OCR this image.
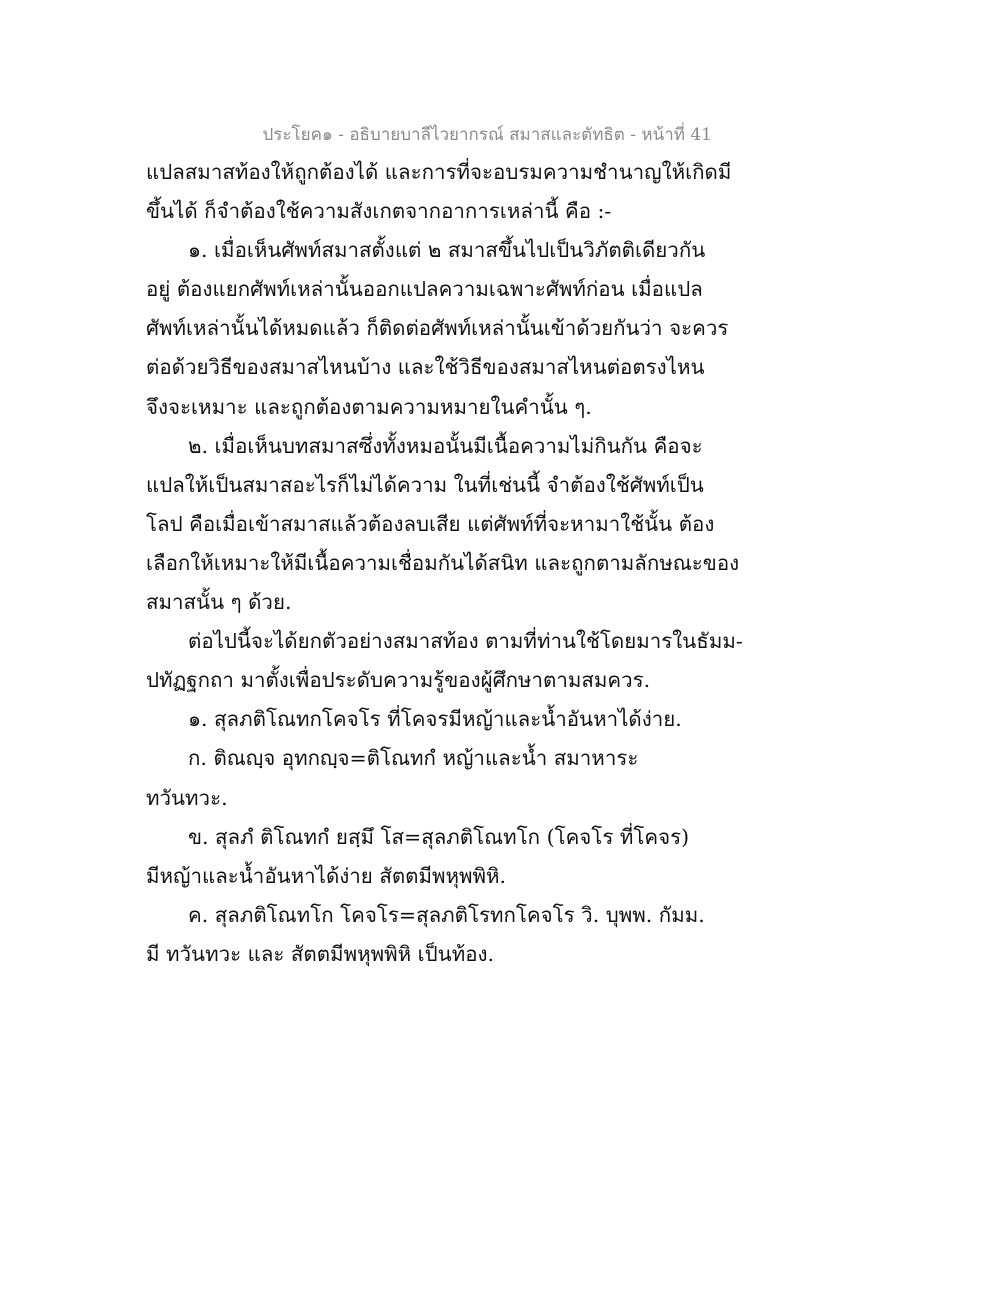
ประโยค๑ - อธิบายบาลีไวยากรณ์ สมาสและตัทธิต - หน้าที่ 41
แปลสมาสท้องให้ถูกต้องได้ และการที่จะอบรมความชำนาญให้เกิดมี
ขึ้นได้ ก็จำต้องใช้ความสังเกตจากอาการเหล่านี้ คือ :-
๑. เมื่อเห็นศัพท์สมาสตั้งแต่ ๒ สมาสขึ้นไปเป็นวิภัตติเดียวกัน
อยู่ ต้องแยกศัพท์เหล่านั้นออกแปลความเฉพาะศัพท์ก่อน เมื่อแปล
ศัพท์เหล่านั้นได้หมดแล้ว ก็ติดต่อศัพท์เหล่านั้นเข้าด้วยกันว่า จะควร
ต่อด้วยวิธีของสมาสไหนบ้าง และใช้วิธีของสมาสไหนต่อตรงไหน
จึงจะเหมาะ และถูกต้องตามความหมายในคำนั้น ๆ.
๒. เมื่อเห็นบทสมาสซึ่งทั้งหมอนั้นมีเนื้อความไม่กินกัน คือจะ
แปลให้เป็นสมาสอะไรก็ไม่ได้ความ ในที่เช่นนี้ จำต้องใช้ศัพท์เป็น
โลป คือเมื่อเข้าสมาสแล้วต้องลบเสีย แต่ศัพท์ที่จะหามาใช้นั้น ต้อง
เลือกให้เหมาะให้มีเนื้อความเชื่อมกันได้สนิท และถูกตามลักษณะของ
สมาสนั้น ๆ ด้วย.
ต่อไปนี้จะได้ยกตัวอย่างสมาสท้อง ตามที่ท่านใช้โดยมารในธัมม-
ปทัฏฐกถา มาตั้งเพื่อประดับความรู้ของผู้ศึกษาตามสมควร.
๑. สุลภติโณทกโคจโร ที่โคจรมีหญ้าและน้ำอันหาได้ง่าย.
ก. ติณญฺจ อุทกญฺจ=ติโณทกํ หญ้าและน้ำ สมาหาระ
ทวันทวะ.
ข. สุลภํ ติโณทกํ ยสฺมึ โส=สุลภติโณทโก (โคจโร ที่โคจร)
มีหญ้าและน้ำอันหาได้ง่าย สัตตมีพหุพพิหิ.
ค. สุลภติโณทโก โคจโร=สุลภติโรทกโคจโร วิ. บุพพ. กัมม.
มี ทวันทวะ และ สัตตมีพหุพพิหิ เป็นท้อง.
